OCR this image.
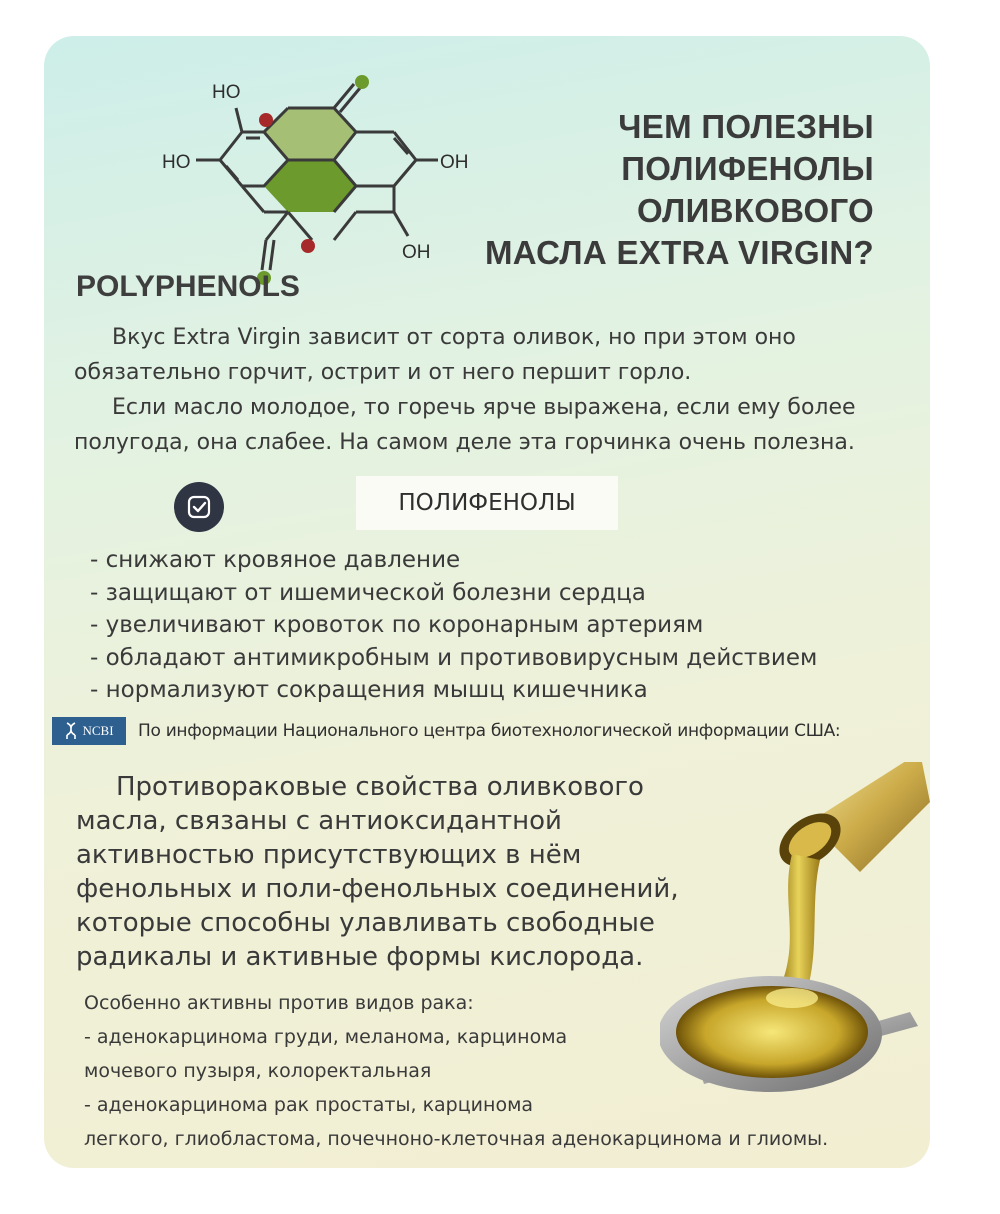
HO
HO	OH
OH
ЧЕМ ПОЛЕЗНЫ
ПОЛИФЕНОЛЫ
ОЛИВКОВОГО
МАСЛА EXTRA VIRGIN?
POLYPHENOLS

Вкус Extra Virgin зависит от сорта оливок, но при этом оно обязательно горчит, острит и от него першит горло.

Если масло молодое, то горечь ярче выражена, если ему более полугода, она слабее. На самом деле эта горчинка очень полезна.

ПОЛИФЕНОЛЫ
- снижают кровяное давление
- защищают от ишемической болезни сердца
- увеличивают кровоток по коронарным артериям
- обладают антимикробным и противовирусным действием
- нормализуют сокращения мышц кишечника
NCBI По информации Национального центра биотехнологической информации США:

Противораковые свойства оливкового масла, связаны с антиоксидантной активностью присутствующих в нём фенольных и поли-фенольных соединений, которые способны улавливать свободные радикалы и активные формы кислорода.

Особенно активны против видов рака:
- аденокарцинома груди, меланома, карцинома
мочевого пузыря, колоректальная
- аденокарцинома рак простаты, карцинома
легкого, глиобластома, почечноно-клеточная аденокарцинома и глиомы.
